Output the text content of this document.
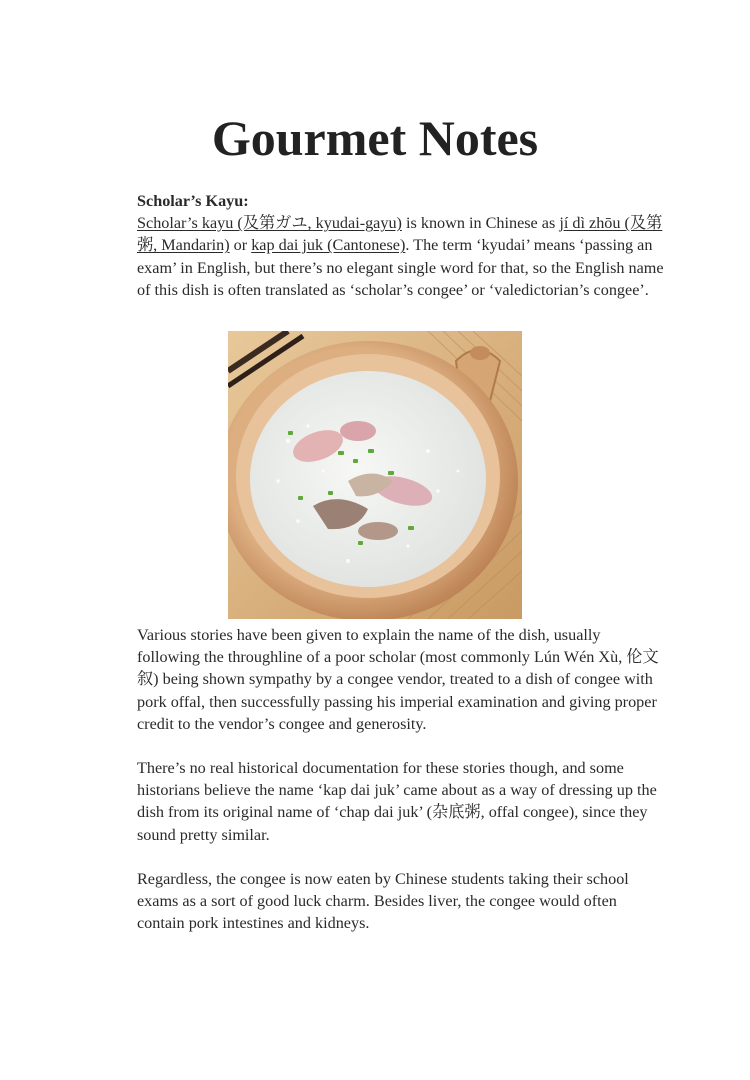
Gourmet Notes

Scholar’s Kayu:

Scholar’s kayu (及第ガユ, kyudai-gayu) is known in Chinese as jí dì zhōu (及第粥, Mandarin) or kap dai juk (Cantonese). The term ‘kyudai’ means ‘passing an exam’ in English, but there’s no elegant single word for that, so the English name of this dish is often translated as ‘scholar’s congee’ or ‘valedictorian’s congee’.

Various stories have been given to explain the name of the dish, usually following the throughline of a poor scholar (most commonly Lún Wén Xù, 伦文叙) being shown sympathy by a congee vendor, treated to a dish of congee with pork offal, then successfully passing his imperial examination and giving proper credit to the vendor’s congee and generosity.

There’s no real historical documentation for these stories though, and some historians believe the name ‘kap dai juk’ came about as a way of dressing up the dish from its original name of ‘chap dai juk’ (杂底粥, offal congee), since they sound pretty similar.

Regardless, the congee is now eaten by Chinese students taking their school exams as a sort of good luck charm. Besides liver, the congee would often contain pork intestines and kidneys.
